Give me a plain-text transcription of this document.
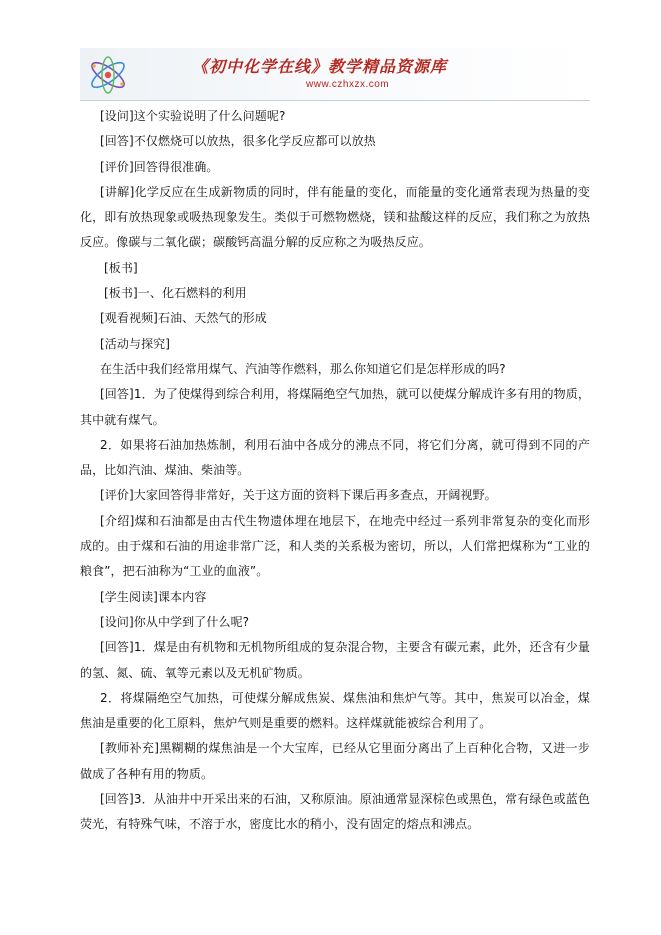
《初中化学在线》教学精品资源库
www.czhxzx.com

[设问]这个实验说明了什么问题呢?

[回答]不仅燃烧可以放热，很多化学反应都可以放热

[评价]回答得很准确。

[讲解]化学反应在生成新物质的同时，伴有能量的变化，而能量的变化通常表现为热量的变化，即有放热现象或吸热现象发生。类似于可燃物燃烧，镁和盐酸这样的反应，我们称之为放热反应。像碳与二氧化碳；碳酸钙高温分解的反应称之为吸热反应。

[板书]

[板书]一、化石燃料的利用

[观看视频]石油、天然气的形成

[活动与探究]

在生活中我们经常用煤气、汽油等作燃料，那么你知道它们是怎样形成的吗?

[回答]1．为了使煤得到综合利用，将煤隔绝空气加热，就可以使煤分解成许多有用的物质，其中就有煤气。

2．如果将石油加热炼制，利用石油中各成分的沸点不同，将它们分离，就可得到不同的产品，比如汽油、煤油、柴油等。

[评价]大家回答得非常好，关于这方面的资料下课后再多查点，开阔视野。

[介绍]煤和石油都是由古代生物遗体埋在地层下，在地壳中经过一系列非常复杂的变化而形成的。由于煤和石油的用途非常广泛，和人类的关系极为密切，所以，人们常把煤称为“工业的粮食”，把石油称为“工业的血液”。

[学生阅读]课本内容

[设问]你从中学到了什么呢?

[回答]1．煤是由有机物和无机物所组成的复杂混合物，主要含有碳元素，此外，还含有少量的氢、氮、硫、氧等元素以及无机矿物质。

2．将煤隔绝空气加热，可使煤分解成焦炭、煤焦油和焦炉气等。其中，焦炭可以冶金，煤焦油是重要的化工原料，焦炉气则是重要的燃料。这样煤就能被综合利用了。

[教师补充]黑糊糊的煤焦油是一个大宝库，已经从它里面分离出了上百种化合物，又进一步做成了各种有用的物质。

[回答]3．从油井中开采出来的石油，又称原油。原油通常显深棕色或黑色，常有绿色或蓝色荧光，有特殊气味，不溶于水，密度比水的稍小，没有固定的熔点和沸点。
